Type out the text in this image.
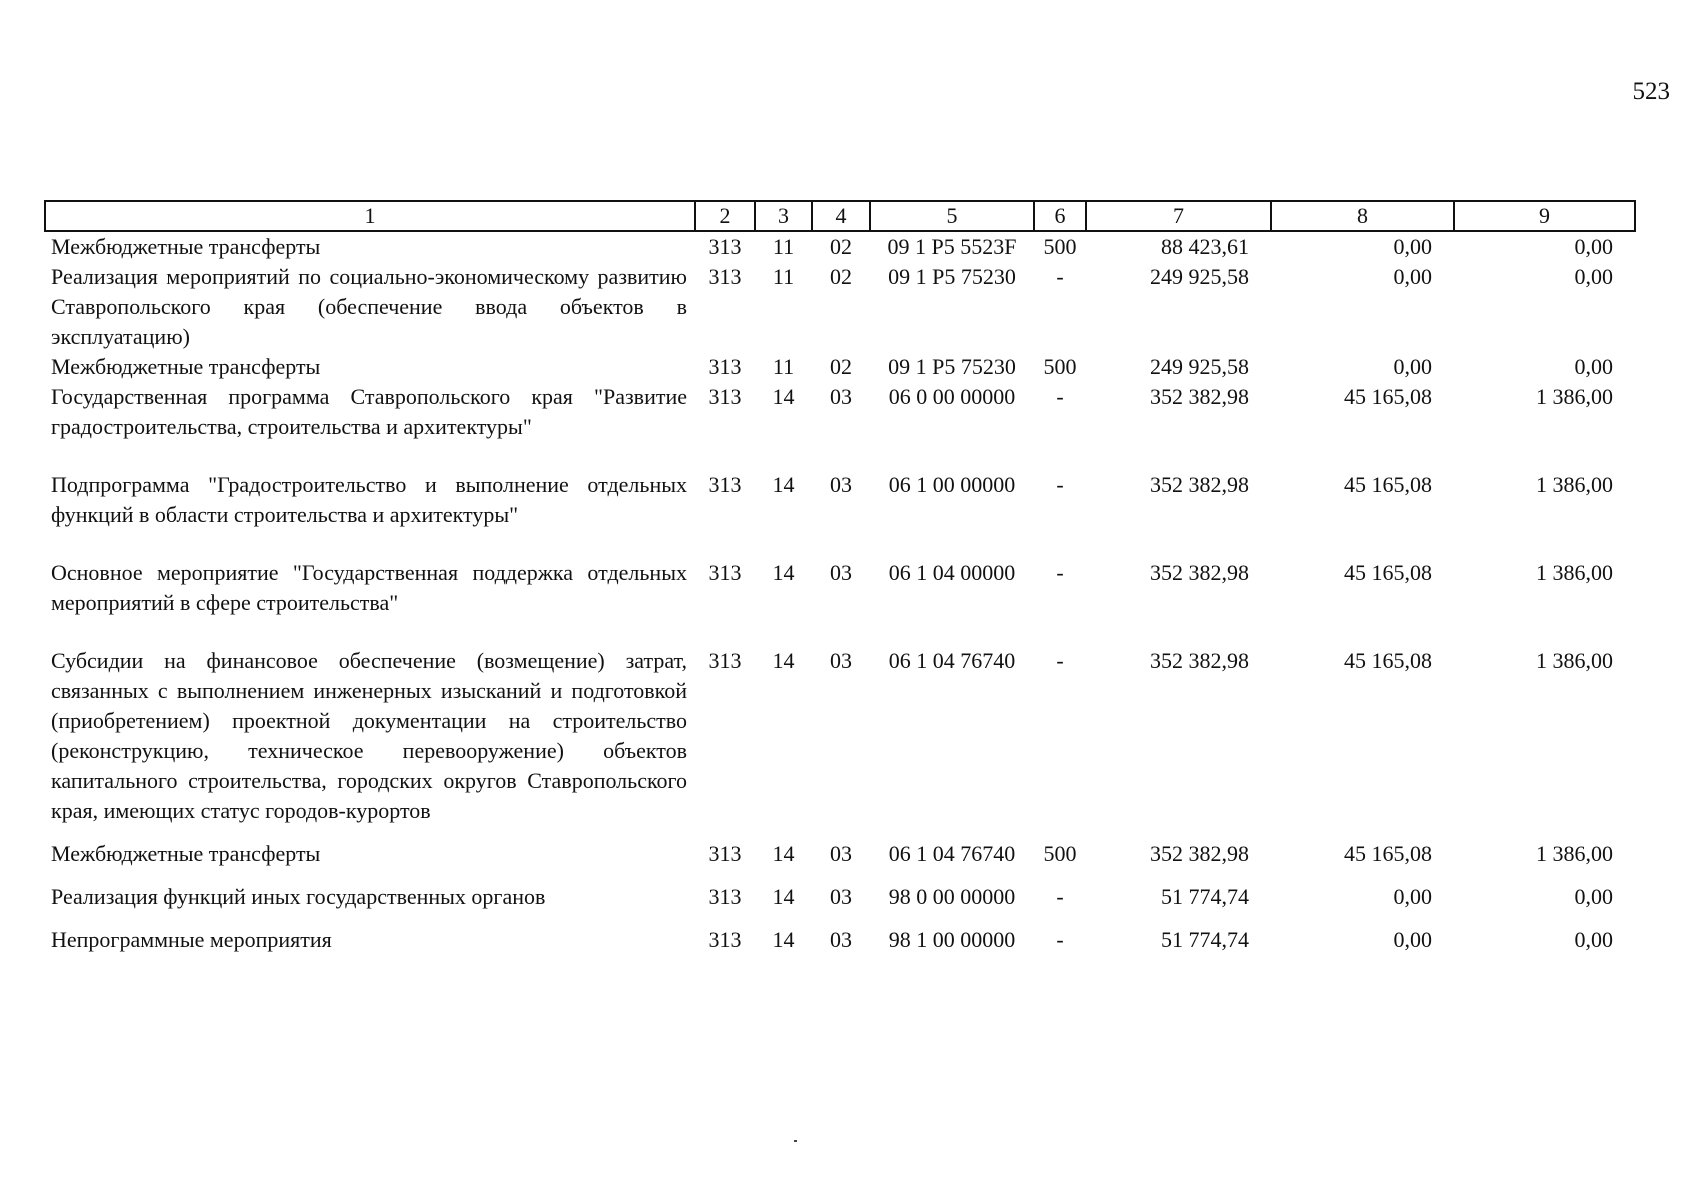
523
1	2	3	4	5	6	7	8	9
Межбюджетные трансферты	313	11	02	09 1 P5 5523F	500	88 423,61	0,00	0,00
Реализация мероприятий по социально-экономическому развитию Ставропольского края (обеспечение ввода объектов в эксплуатацию)	313	11	02	09 1 P5 75230	-	249 925,58	0,00	0,00
Межбюджетные трансферты	313	11	02	09 1 P5 75230	500	249 925,58	0,00	0,00
Государственная программа Ставропольского края "Развитие градостроительства, строительства и архитектуры"	313	14	03	06 0 00 00000	-	352 382,98	45 165,08	1 386,00
Подпрограмма "Градостроительство и выполнение отдельных функций в области строительства и архитектуры"	313	14	03	06 1 00 00000	-	352 382,98	45 165,08	1 386,00
Основное мероприятие "Государственная поддержка отдельных мероприятий в сфере строительства"	313	14	03	06 1 04 00000	-	352 382,98	45 165,08	1 386,00
Субсидии на финансовое обеспечение (возмещение) затрат, связанных с выполнением инженерных изысканий и подготовкой (приобретением) проектной документации на строительство (реконструкцию, техническое перевооружение) объектов капитального строительства, городских округов Ставропольского края, имеющих статус городов-курортов	313	14	03	06 1 04 76740	-	352 382,98	45 165,08	1 386,00
Межбюджетные трансферты	313	14	03	06 1 04 76740	500	352 382,98	45 165,08	1 386,00
Реализация функций иных государственных органов	313	14	03	98 0 00 00000	-	51 774,74	0,00	0,00
Непрограммные мероприятия	313	14	03	98 1 00 00000	-	51 774,74	0,00	0,00
